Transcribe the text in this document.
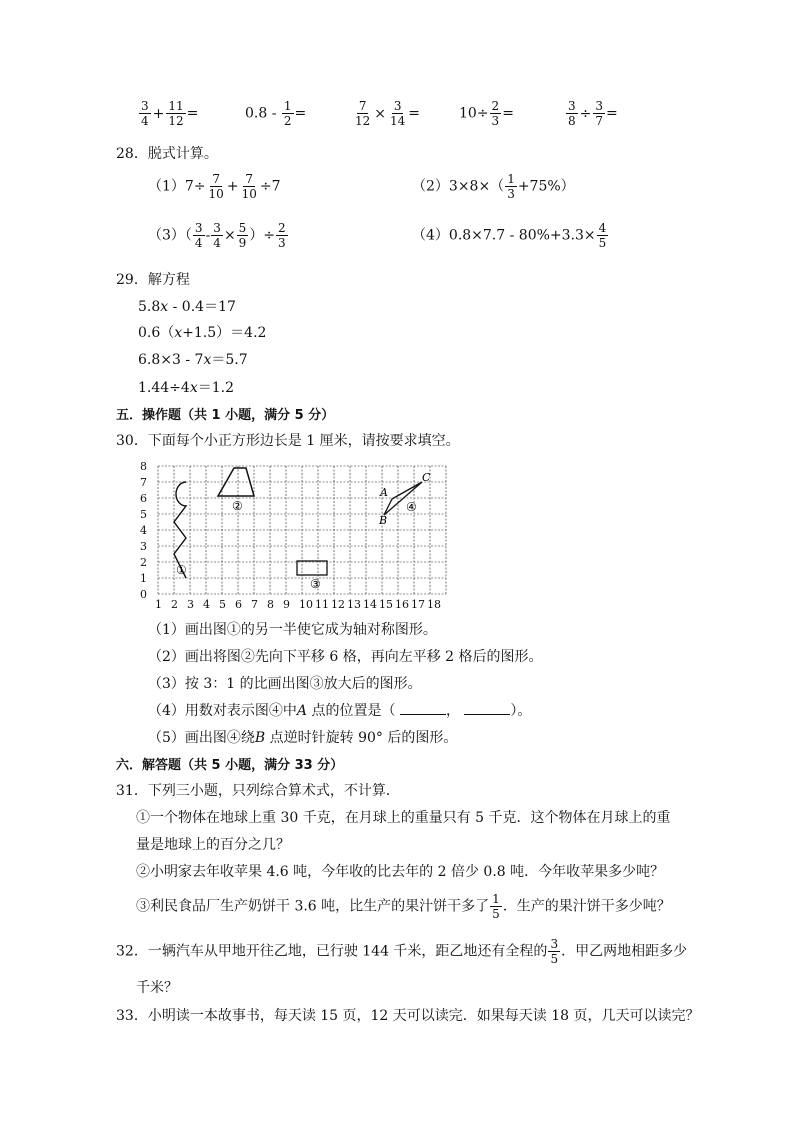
$\frac{3}{4} + \frac{11}{12}$ =	$0.8 - \frac{1}{2}$ =	$\frac{7}{12} \times \frac{3}{14}$ =	$10\div \frac{2}{3}$ =	$\frac{3}{8} \div \frac{3}{7}$ =
28．脱式计算。
$(1)7\div \frac{7}{10} + \frac{7}{10} \div 7$	$(2)3\times 8\times( \frac{1}{3} +75\%)$
$(3)( \frac{3}{4} - \frac{3}{4} \times \frac{5}{9}$ ）÷ $\frac{2}{3}$	$(4)0.8\times 7.7 - 80\%+3.3\times \frac{4}{5}$
29．解方程
5.8x - 0.4＝17
0.6（x+1.5）＝4.2
6.8×3 - 7x＝5.7
1.44÷4x＝1.2
五．操作题（共 1 小题，满分 5 分）
30．下面每个小正方形边长是 1 厘米，请按要求填空。
8
7
6
5
4
3
2
1
0
1 2 3 4 5 6 7 8 9 10 11 12 13 14 15 16 17 18
①
②
③
A
B
C
④
（1）画出图①的另一半使它成为轴对称图形。
（2）画出将图②先向下平移 6 格，再向左平移 2 格后的图形。
（3）按 3：1 的比画出图③放大后的图形。
（4）用数对表示图④中A 点的位置是（	，	）。
（5）画出图④绕B 点逆时针旋转 90° 后的图形。
六．解答题（共 5 小题，满分 33 分）
31．下列三小题，只列综合算术式，不计算．
①一个物体在地球上重 30 千克，在月球上的重量只有 5 千克．这个物体在月球上的重
量是地球上的百分之几？
②小明家去年收苹果 4.6 吨，今年收的比去年的 2 倍少 0.8 吨．今年收苹果多少吨？
③利民食品厂生产奶饼干 3.6 吨，比生产的果汁饼干多了 $\frac{1}{5}$ ．生产的果汁饼干多少吨？
32．一辆汽车从甲地开往乙地，已行驶 144 千米，距乙地还有全程的 $\frac{3}{5}$ ．甲乙两地相距多少
千米？
33．小明读一本故事书，每天读 15 页，12 天可以读完．如果每天读 18 页，几天可以读完？
